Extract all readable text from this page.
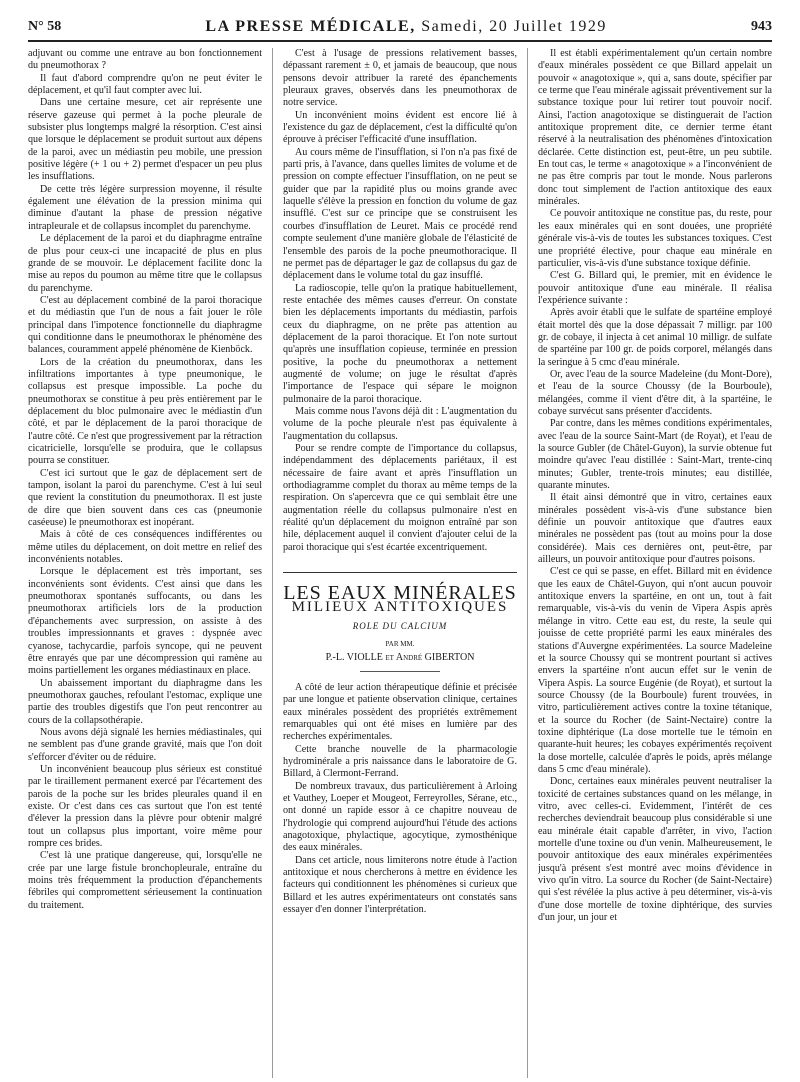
N° 58	LA PRESSE MÉDICALE, Samedi, 20 Juillet 1929	943

adjuvant ou comme une entrave au bon fonctionnement du pneumothorax ?

Il faut d'abord comprendre qu'on ne peut éviter le déplacement, et qu'il faut compter avec lui.

Dans une certaine mesure, cet air représente une réserve gazeuse qui permet à la poche pleurale de subsister plus longtemps malgré la résorption. C'est ainsi que lorsque le déplacement se produit surtout aux dépens de la paroi, avec un médiastin peu mobile, une pression positive légère (+ 1 ou + 2) permet d'espacer un peu plus les insufflations.

De cette très légère surpression moyenne, il résulte également une élévation de la pression minima qui diminue d'autant la phase de pression négative intrapleurale et de collapsus incomplet du parenchyme.

Le déplacement de la paroi et du diaphragme entraîne de plus pour ceux-ci une incapacité de plus en plus grande de se mouvoir. Le déplacement facilite donc la mise au repos du poumon au même titre que le collapsus du parenchyme.

C'est au déplacement combiné de la paroi thoracique et du médiastin que l'un de nous a fait jouer le rôle principal dans l'impotence fonctionnelle du diaphragme qui conditionne dans le pneumothorax le phénomène des balances, couramment appelé phénomène de Kienböck.

Lors de la création du pneumothorax, dans les infiltrations importantes à type pneumonique, le collapsus est presque impossible. La poche du pneumothorax se constitue à peu près entièrement par le déplacement du bloc pulmonaire avec le médiastin d'un côté, et par le déplacement de la paroi thoracique de l'autre côté. Ce n'est que progressivement par la rétraction cicatricielle, lorsqu'elle se produira, que le collapsus pourra se constituer.

C'est ici surtout que le gaz de déplacement sert de tampon, isolant la paroi du parenchyme. C'est à lui seul que revient la constitution du pneumothorax. Il est juste de dire que bien souvent dans ces cas (pneumonie caséeuse) le pneumothorax est inopérant.

Mais à côté de ces conséquences indifférentes ou même utiles du déplacement, on doit mettre en relief des inconvénients notables.

Lorsque le déplacement est très important, ses inconvénients sont évidents. C'est ainsi que dans les pneumothorax spontanés suffocants, ou dans les pneumothorax artificiels lors de la production d'épanchements avec surpression, on assiste à des troubles impressionnants et graves : dyspnée avec cyanose, tachycardie, parfois syncope, qui ne peuvent être enrayés que par une décompression qui ramène au moins partiellement les organes médiastinaux en place.

Un abaissement important du diaphragme dans les pneumothorax gauches, refoulant l'estomac, explique une partie des troubles digestifs que l'on peut rencontrer au cours de la collapsothérapie.

Nous avons déjà signalé les hernies médiastinales, qui ne semblent pas d'une grande gravité, mais que l'on doit s'efforcer d'éviter ou de réduire.

Un inconvénient beaucoup plus sérieux est constitué par le tiraillement permanent exercé par l'écartement des parois de la poche sur les brides pleurales quand il en existe. Or c'est dans ces cas surtout que l'on est tenté d'élever la pression dans la plèvre pour obtenir malgré tout un collapsus plus important, voire même pour rompre ces brides.

C'est là une pratique dangereuse, qui, lorsqu'elle ne crée par une large fistule bronchopleurale, entraîne du moins très fréquemment la production d'épanchements fébriles qui compromettent sérieusement la continuation du traitement.

C'est à l'usage de pressions relativement basses, dépassant rarement ± 0, et jamais de beaucoup, que nous pensons devoir attribuer la rareté des épanchements pleuraux graves, observés dans les pneumothorax de notre service.

Un inconvénient moins évident est encore lié à l'existence du gaz de déplacement, c'est la difficulté qu'on éprouve à préciser l'efficacité d'une insufflation.

Au cours même de l'insufflation, si l'on n'a pas fixé de parti pris, à l'avance, dans quelles limites de volume et de pression on compte effectuer l'insufflation, on ne peut se guider que par la rapidité plus ou moins grande avec laquelle s'élève la pression en fonction du volume de gaz insufflé. C'est sur ce principe que se construisent les courbes d'insufflation de Leuret. Mais ce procédé rend compte seulement d'une manière globale de l'élasticité de l'ensemble des parois de la poche pneumothoracique. Il ne permet pas de départager le gaz de collapsus du gaz de déplacement dans le volume total du gaz insufflé.

La radioscopie, telle qu'on la pratique habituellement, reste entachée des mêmes causes d'erreur. On constate bien les déplacements importants du médiastin, parfois ceux du diaphragme, on ne prête pas attention au déplacement de la paroi thoracique. Et l'on note surtout qu'après une insufflation copieuse, terminée en pression positive, la poche du pneumothorax a nettement augmenté de volume; on juge le résultat d'après l'importance de l'espace qui sépare le moignon pulmonaire de la paroi thoracique.

Mais comme nous l'avons déjà dit : L'augmentation du volume de la poche pleurale n'est pas équivalente à l'augmentation du collapsus.

Pour se rendre compte de l'importance du collapsus, indépendamment des déplacements pariétaux, il est nécessaire de faire avant et après l'insufflation un orthodiagramme complet du thorax au même temps de la respiration. On s'apercevra que ce qui semblait être une augmentation réelle du collapsus pulmonaire n'est en réalité qu'un déplacement du moignon entraîné par son hile, déplacement auquel il convient d'ajouter celui de la paroi thoracique qui s'est écartée excentriquement.

LES EAUX MINÉRALES
MILIEUX ANTITOXIQUES
ROLE DU CALCIUM
PAR MM.
P.-L. VIOLLE et André GIBERTON

A côté de leur action thérapeutique définie et précisée par une longue et patiente observation clinique, certaines eaux minérales possèdent des propriétés extrêmement remarquables qui ont été mises en lumière par des recherches expérimentales.

Cette branche nouvelle de la pharmacologie hydrominérale a pris naissance dans le laboratoire de G. Billard, à Clermont-Ferrand.

De nombreux travaux, dus particulièrement à Arloing et Vauthey, Loeper et Mougeot, Ferreyrolles, Sérane, etc., ont donné un rapide essor à ce chapitre nouveau de l'hydrologie qui comprend aujourd'hui l'étude des actions anagotoxique, phylactique, agocytique, zymosthénique des eaux minérales.

Dans cet article, nous limiterons notre étude à l'action antitoxique et nous chercherons à mettre en évidence les facteurs qui conditionnent les phénomènes si curieux que Billard et les autres expérimentateurs ont constatés sans essayer d'en donner l'interprétation.

Il est établi expérimentalement qu'un certain nombre d'eaux minérales possèdent ce que Billard appelait un pouvoir « anagotoxique », qui a, sans doute, spécifier par ce terme que l'eau minérale agissait préventivement sur la substance toxique pour lui retirer tout pouvoir nocif. Ainsi, l'action anagotoxique se distinguerait de l'action antitoxique proprement dite, ce dernier terme étant réservé à la neutralisation des phénomènes d'intoxication déclarée. Cette distinction est, peut-être, un peu subtile. En tout cas, le terme « anagotoxique » a l'inconvénient de ne pas être compris par tout le monde. Nous parlerons donc tout simplement de l'action antitoxique des eaux minérales.

Ce pouvoir antitoxique ne constitue pas, du reste, pour les eaux minérales qui en sont douées, une propriété générale vis-à-vis de toutes les substances toxiques. C'est une propriété élective, pour chaque eau minérale en particulier, vis-à-vis d'une substance toxique définie.

C'est G. Billard qui, le premier, mit en évidence le pouvoir antitoxique d'une eau minérale. Il réalisa l'expérience suivante :

Après avoir établi que le sulfate de spartéine employé était mortel dès que la dose dépassait 7 milligr. par 100 gr. de cobaye, il injecta à cet animal 10 milligr. de sulfate de spartéine par 100 gr. de poids corporel, mélangés dans la seringue à 5 cmc d'eau minérale.

Or, avec l'eau de la source Madeleine (du Mont-Dore), et l'eau de la source Choussy (de la Bourboule), mélangées, comme il vient d'être dit, à la spartéine, le cobaye survécut sans présenter d'accidents.

Par contre, dans les mêmes conditions expérimentales, avec l'eau de la source Saint-Mart (de Royat), et l'eau de la source Gubler (de Châtel-Guyon), la survie obtenue fut moindre qu'avec l'eau distillée : Saint-Mart, trente-cinq minutes; Gubler, trente-trois minutes; eau distillée, quarante minutes.

Il était ainsi démontré que in vitro, certaines eaux minérales possèdent vis-à-vis d'une substance bien définie un pouvoir antitoxique que d'autres eaux minérales ne possèdent pas (tout au moins pour la dose considérée). Mais ces dernières ont, peut-être, par ailleurs, un pouvoir antitoxique pour d'autres poisons.

C'est ce qui se passe, en effet. Billard mit en évidence que les eaux de Châtel-Guyon, qui n'ont aucun pouvoir antitoxique envers la spartéine, en ont un, tout à fait remarquable, vis-à-vis du venin de Vipera Aspis après mélange in vitro. Cette eau est, du reste, la seule qui jouisse de cette propriété parmi les eaux minérales des stations d'Auvergne expérimentées. La source Madeleine et la source Choussy qui se montrent pourtant si actives envers la spartéine n'ont aucun effet sur le venin de Vipera Aspis. La source Eugénie (de Royat), et surtout la source Choussy (de la Bourboule) furent trouvées, in vitro, particulièrement actives contre la toxine tétanique, et la source du Rocher (de Saint-Nectaire) contre la toxine diphtérique (La dose mortelle tue le témoin en quarante-huit heures; les cobayes expérimentés reçoivent la dose mortelle, calculée d'après le poids, après mélange dans 5 cmc d'eau minérale).

Donc, certaines eaux minérales peuvent neutraliser la toxicité de certaines substances quand on les mélange, in vitro, avec celles-ci. Evidemment, l'intérêt de ces recherches deviendrait beaucoup plus considérable si une eau minérale était capable d'arrêter, in vivo, l'action mortelle d'une toxine ou d'un venin. Malheureusement, le pouvoir antitoxique des eaux minérales expérimentées jusqu'à présent s'est montré avec moins d'évidence in vivo qu'in vitro. La source du Rocher (de Saint-Nectaire) qui s'est révélée la plus active à peu déterminer, vis-à-vis d'une dose mortelle de toxine diphtérique, des survies d'un jour, un jour et
